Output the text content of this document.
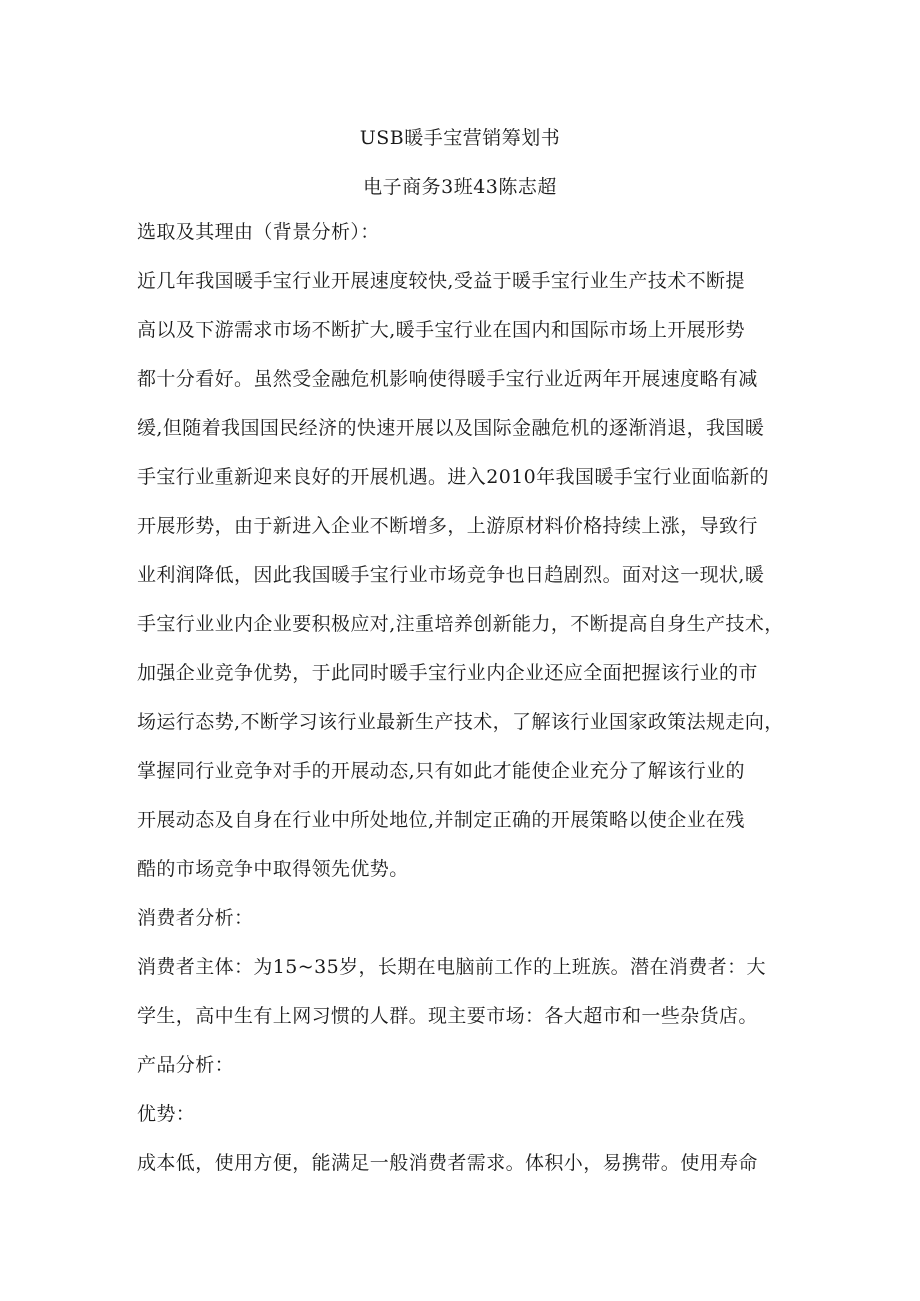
USB暖手宝营销筹划书
电子商务3班43陈志超
选取及其理由（背景分析）：
近几年我国暖手宝行业开展速度较快,受益于暖手宝行业生产技术不断提
高以及下游需求市场不断扩大,暖手宝行业在国内和国际市场上开展形势
都十分看好。虽然受金融危机影响使得暖手宝行业近两年开展速度略有减
缓,但随着我国国民经济的快速开展以及国际金融危机的逐渐消退，我国暖
手宝行业重新迎来良好的开展机遇。进入2010年我国暖手宝行业面临新的
开展形势，由于新进入企业不断增多，上游原材料价格持续上涨，导致行
业利润降低，因此我国暖手宝行业市场竞争也日趋剧烈。面对这一现状,暖
手宝行业业内企业要积极应对,注重培养创新能力，不断提高自身生产技术，
加强企业竞争优势，于此同时暖手宝行业内企业还应全面把握该行业的市
场运行态势,不断学习该行业最新生产技术，了解该行业国家政策法规走向，
掌握同行业竞争对手的开展动态,只有如此才能使企业充分了解该行业的
开展动态及自身在行业中所处地位,并制定正确的开展策略以使企业在残
酷的市场竞争中取得领先优势。
消费者分析：
消费者主体：为15~35岁，长期在电脑前工作的上班族。潜在消费者：大
学生，高中生有上网习惯的人群。现主要市场：各大超市和一些杂货店。
产品分析：
优势：
成本低，使用方便，能满足一般消费者需求。体积小，易携带。使用寿命
